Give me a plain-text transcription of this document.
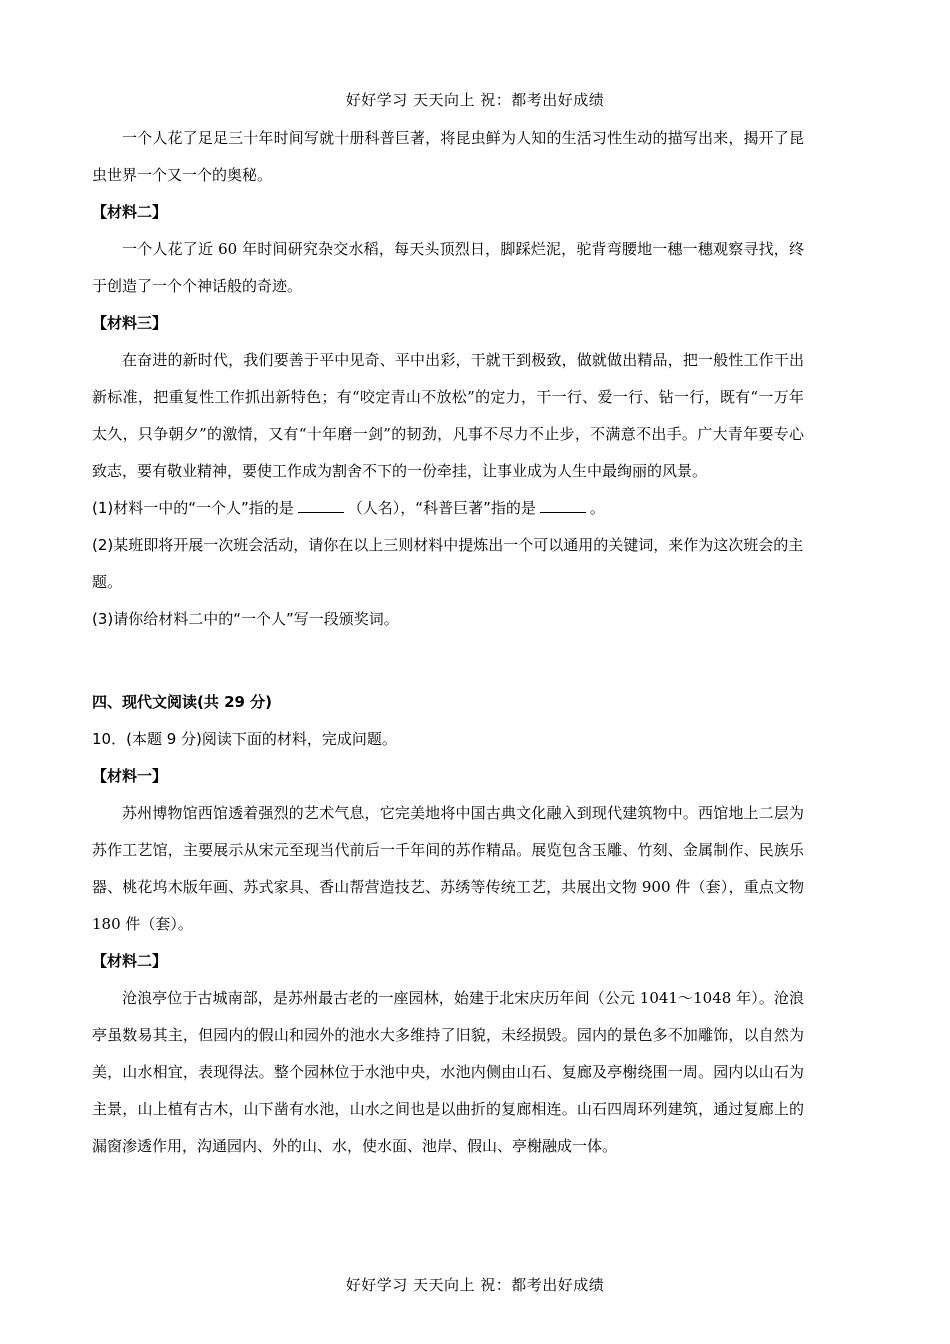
好好学习 天天向上 祝：都考出好成绩

一个人花了足足三十年时间写就十册科普巨著，将昆虫鲜为人知的生活习性生动的描写出来，揭开了昆虫世界一个又一个的奥秘。

【材料二】

一个人花了近 60 年时间研究杂交水稻，每天头顶烈日，脚踩烂泥，驼背弯腰地一穗一穗观察寻找，终于创造了一个个神话般的奇迹。

【材料三】

在奋进的新时代，我们要善于平中见奇、平中出彩，干就干到极致，做就做出精品，把一般性工作干出新标准，把重复性工作抓出新特色；有“咬定青山不放松”的定力，干一行、爱一行、钻一行，既有“一万年太久，只争朝夕”的激情，又有“十年磨一剑”的韧劲，凡事不尽力不止步，不满意不出手。广大青年要专心致志，要有敬业精神，要使工作成为割舍不下的一份牵挂，让事业成为人生中最绚丽的风景。

(1)材料一中的“一个人”指的是	（人名），“科普巨著”指的是	。

(2)某班即将开展一次班会活动，请你在以上三则材料中提炼出一个可以通用的关键词，来作为这次班会的主题。

(3)请你给材料二中的“一个人”写一段颁奖词。

四、现代文阅读(共 29 分)

10．(本题 9 分)阅读下面的材料，完成问题。

【材料一】

苏州博物馆西馆透着强烈的艺术气息，它完美地将中国古典文化融入到现代建筑物中。西馆地上二层为苏作工艺馆，主要展示从宋元至现当代前后一千年间的苏作精品。展览包含玉雕、竹刻、金属制作、民族乐器、桃花坞木版年画、苏式家具、香山帮营造技艺、苏绣等传统工艺，共展出文物 900 件（套），重点文物 180 件（套）。

【材料二】

沧浪亭位于古城南部，是苏州最古老的一座园林，始建于北宋庆历年间（公元 1041～1048 年）。沧浪亭虽数易其主，但园内的假山和园外的池水大多维持了旧貌，未经损毁。园内的景色多不加雕饰，以自然为美，山水相宜，表现得法。整个园林位于水池中央，水池内侧由山石、复廊及亭榭绕围一周。园内以山石为主景，山上植有古木，山下凿有水池，山水之间也是以曲折的复廊相连。山石四周环列建筑，通过复廊上的漏窗渗透作用，沟通园内、外的山、水，使水面、池岸、假山、亭榭融成一体。

好好学习 天天向上 祝：都考出好成绩
